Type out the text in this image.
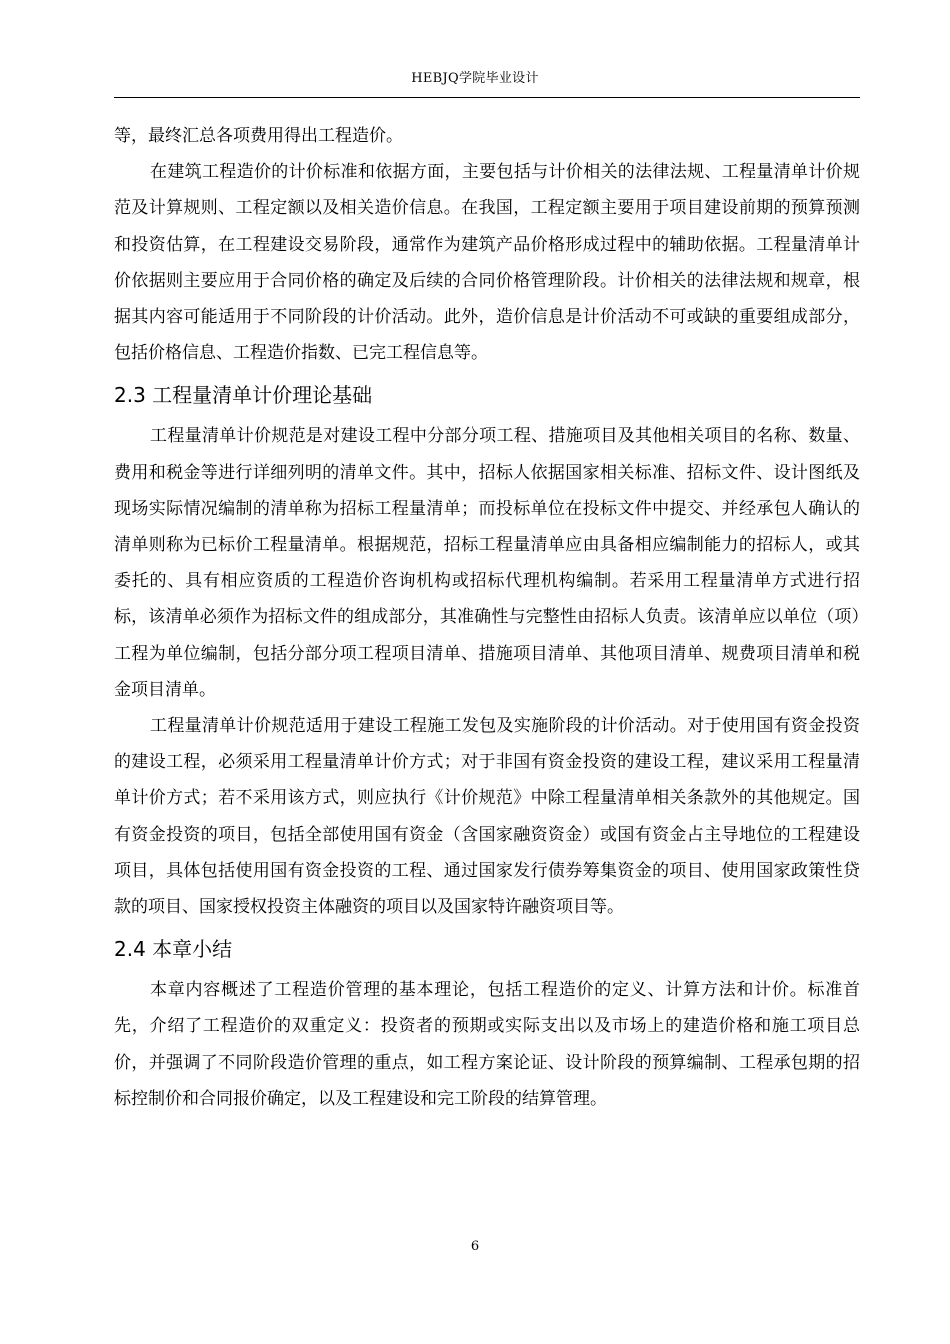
HEBJQ学院毕业设计

等，最终汇总各项费用得出工程造价。

在建筑工程造价的计价标准和依据方面，主要包括与计价相关的法律法规、工程量清单计价规范及计算规则、工程定额以及相关造价信息。在我国，工程定额主要用于项目建设前期的预算预测和投资估算，在工程建设交易阶段，通常作为建筑产品价格形成过程中的辅助依据。工程量清单计价依据则主要应用于合同价格的确定及后续的合同价格管理阶段。计价相关的法律法规和规章，根据其内容可能适用于不同阶段的计价活动。此外，造价信息是计价活动不可或缺的重要组成部分，包括价格信息、工程造价指数、已完工程信息等。

2.3 工程量清单计价理论基础

工程量清单计价规范是对建设工程中分部分项工程、措施项目及其他相关项目的名称、数量、费用和税金等进行详细列明的清单文件。其中，招标人依据国家相关标准、招标文件、设计图纸及现场实际情况编制的清单称为招标工程量清单；而投标单位在投标文件中提交、并经承包人确认的清单则称为已标价工程量清单。根据规范，招标工程量清单应由具备相应编制能力的招标人，或其委托的、具有相应资质的工程造价咨询机构或招标代理机构编制。若采用工程量清单方式进行招标，该清单必须作为招标文件的组成部分，其准确性与完整性由招标人负责。该清单应以单位（项）工程为单位编制，包括分部分项工程项目清单、措施项目清单、其他项目清单、规费项目清单和税金项目清单。

工程量清单计价规范适用于建设工程施工发包及实施阶段的计价活动。对于使用国有资金投资的建设工程，必须采用工程量清单计价方式；对于非国有资金投资的建设工程，建议采用工程量清单计价方式；若不采用该方式，则应执行《计价规范》中除工程量清单相关条款外的其他规定。国有资金投资的项目，包括全部使用国有资金（含国家融资资金）或国有资金占主导地位的工程建设项目，具体包括使用国有资金投资的工程、通过国家发行债券筹集资金的项目、使用国家政策性贷款的项目、国家授权投资主体融资的项目以及国家特许融资项目等。

2.4 本章小结

本章内容概述了工程造价管理的基本理论，包括工程造价的定义、计算方法和计价。标准首先，介绍了工程造价的双重定义：投资者的预期或实际支出以及市场上的建造价格和施工项目总价，并强调了不同阶段造价管理的重点，如工程方案论证、设计阶段的预算编制、工程承包期的招标控制价和合同报价确定，以及工程建设和完工阶段的结算管理。

6
